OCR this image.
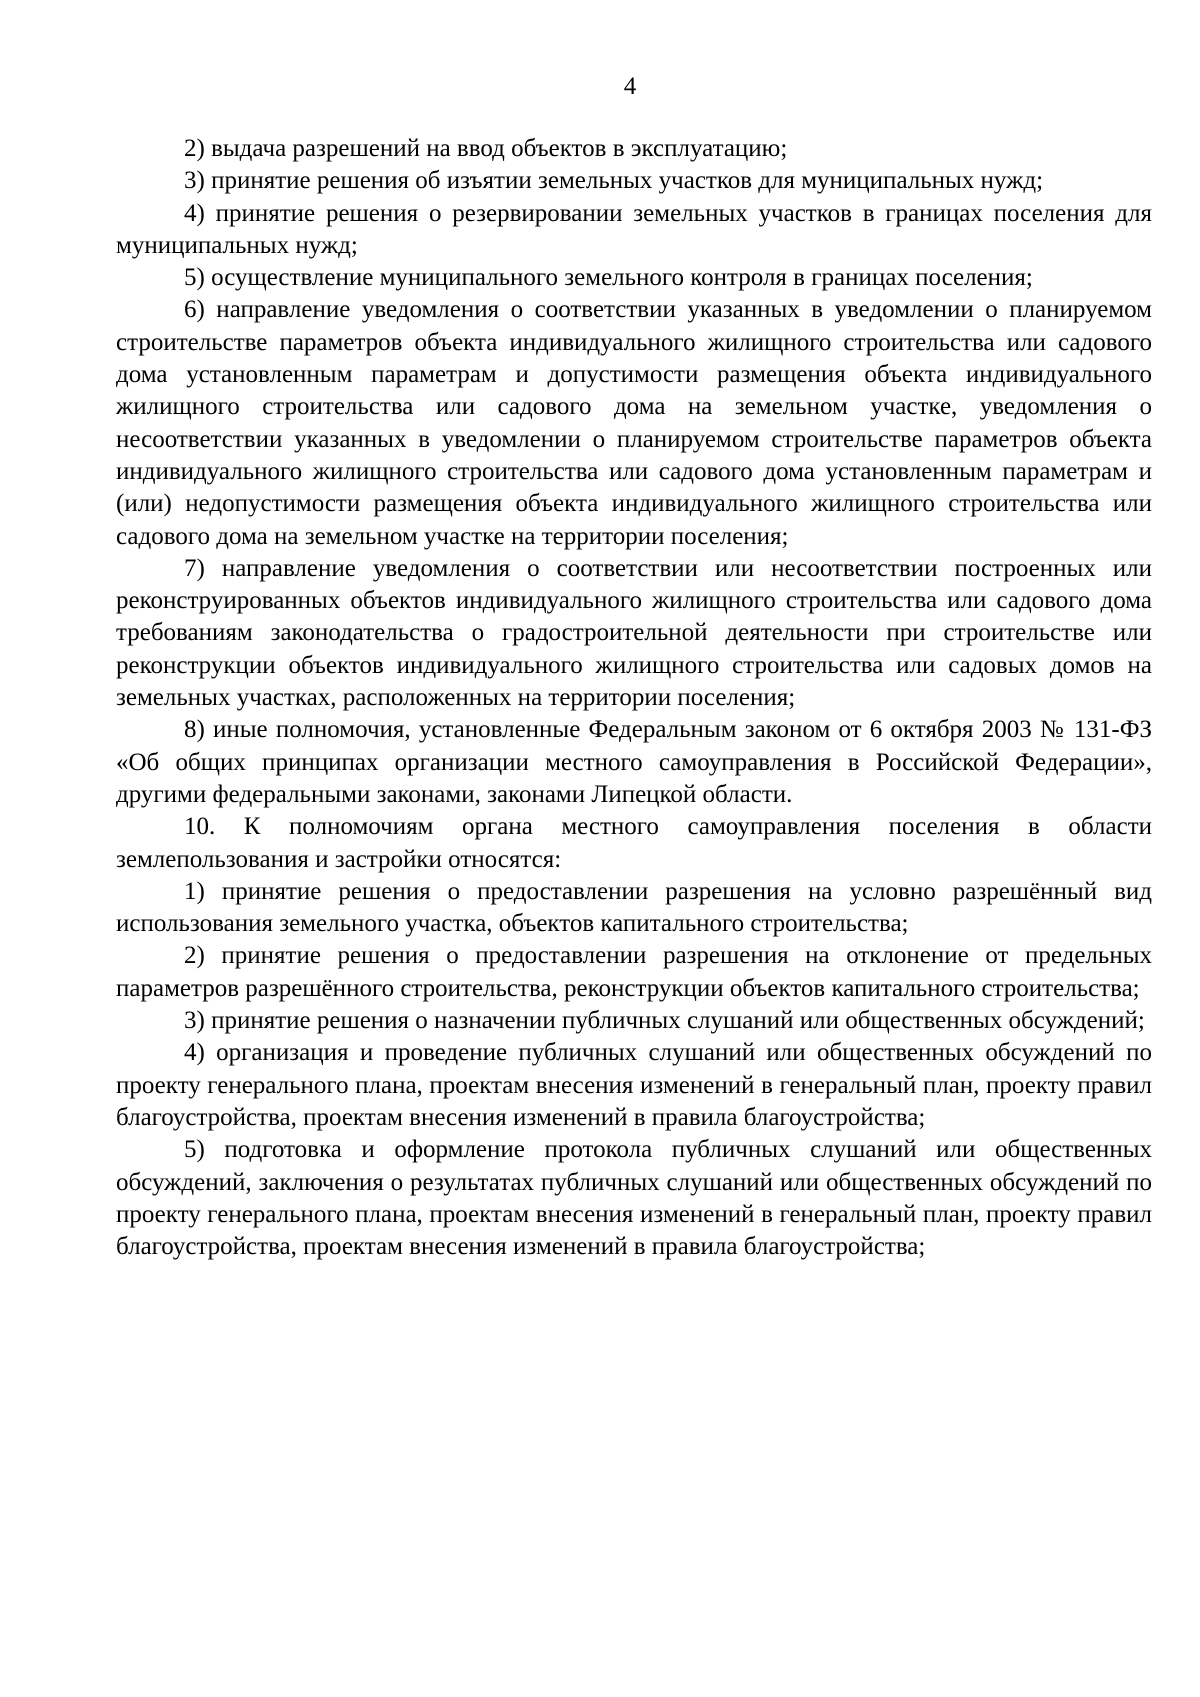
4

2) выдача разрешений на ввод объектов в эксплуатацию;

3) принятие решения об изъятии земельных участков для муниципальных нужд;

4) принятие решения о резервировании земельных участков в границах поселения для муниципальных нужд;

5) осуществление муниципального земельного контроля в границах поселения;

6) направление уведомления о соответствии указанных в уведомлении о планируемом строительстве параметров объекта индивидуального жилищного строительства или садового дома установленным параметрам и допустимости размещения объекта индивидуального жилищного строительства или садового дома на земельном участке, уведомления о несоответствии указанных в уведомлении о планируемом строительстве параметров объекта индивидуального жилищного строительства или садового дома установленным параметрам и (или) недопустимости размещения объекта индивидуального жилищного строительства или садового дома на земельном участке на территории поселения;

7) направление уведомления о соответствии или несоответствии построенных или реконструированных объектов индивидуального жилищного строительства или садового дома требованиям законодательства о градостроительной деятельности при строительстве или реконструкции объектов индивидуального жилищного строительства или садовых домов на земельных участках, расположенных на территории поселения;

8) иные полномочия, установленные Федеральным законом от 6 октября 2003 № 131-ФЗ «Об общих принципах организации местного самоуправления в Российской Федерации», другими федеральными законами, законами Липецкой области.

10. К полномочиям органа местного самоуправления поселения в области землепользования и застройки относятся:

1) принятие решения о предоставлении разрешения на условно разрешённый вид использования земельного участка, объектов капитального строительства;

2) принятие решения о предоставлении разрешения на отклонение от предельных параметров разрешённого строительства, реконструкции объектов капитального строительства;

3) принятие решения о назначении публичных слушаний или общественных обсуждений;

4) организация и проведение публичных слушаний или общественных обсуждений по проекту генерального плана, проектам внесения изменений в генеральный план, проекту правил благоустройства, проектам внесения изменений в правила благоустройства;

5) подготовка и оформление протокола публичных слушаний или общественных обсуждений, заключения о результатах публичных слушаний или общественных обсуждений по проекту генерального плана, проектам внесения изменений в генеральный план, проекту правил благоустройства, проектам внесения изменений в правила благоустройства;
